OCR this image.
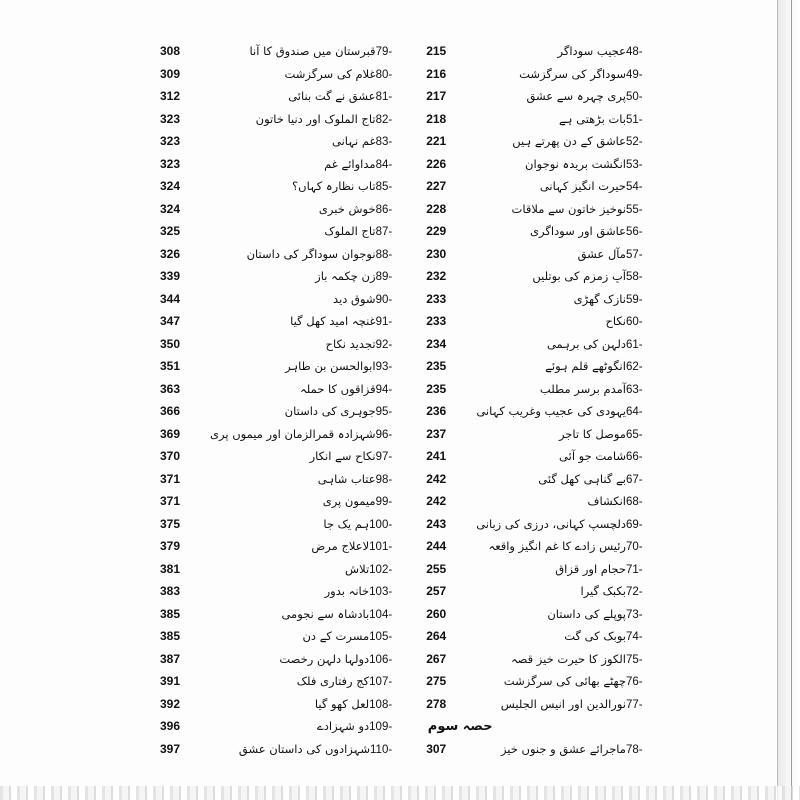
308	79-قبرستان میں صندوق کا آنا
309	80-غلام کی سرگزشت
312	81-عشق نے گت بنائی
323	82-تاج الملوک اور دنیا خاتون
323	83-غم نہانی
323	84-مداوائے غم
324	85-تاب نظارہ کہاں؟
324	86-خوش خبری
325	87-تاج الملوک
326	88-نوجوان سوداگر کی داستان
339	89-زن چکمہ باز
344	90-شوق دید
347	91-غنچہ امید کھل گیا
350	92-تجدید نکاح
351	93-ابوالحسن بن طاہر
363	94-قزاقوں کا حملہ
366	95-جوہری کی داستان
369	96-شہزادہ قمرالزمان اور میموں پری
370	97-نکاح سے انکار
371	98-عتاب شاہی
371	99-میمون پری
375	100-ہم یک جا
379	101-لاعلاج مرض
381	102-تلاش
383	103-خانہ بدور
385	104-بادشاہ سے نجومی
385	105-مسرت کے دن
387	106-دولہا دلہن رخصت
391	107-کج رفتاری فلک
392	108-لعل کھو گیا
396	109-دو شہزادے
397	110-شہزادوں کی داستان عشق
215	48-عجیب سوداگر
216	49-سوداگر کی سرگزشت
217	50-پری چہرہ سے عشق
218	51-بات بڑھتی ہے
221	52-عاشق کے دن پھرتے ہیں
226	53-انگشت بریدہ نوجوان
227	54-حیرت انگیز کہانی
228	55-نوخیز خاتون سے ملاقات
229	56-عاشق اور سوداگری
230	57-مآل عشق
232	58-آبِ زمزم کی بوتلیں
233	59-نازک گھڑی
233	60-نکاح
234	61-دلہن کی برہمی
235	62-انگوٹھے قلم ہوئے
235	63-آمدم برسر مطلب
236	64-یہودی کی عجیب وغریب کہانی
237	65-موصل کا تاجر
241	66-شامت جو آئی
242	67-بے گناہی کھل گئی
242	68-انکشاف
243	69-دلچسپ کہانی، درزی کی زبانی
244	70-رئیس زادے کا غم انگیز واقعہ
255	71-حجام اور قزاق
257	72-بکبک گیرا
260	73-پوپلے کی داستان
264	74-بوبک کی گت
267	75-الکوز کا حیرت خیز قصہ
275	76-چھٹے بھائی کی سرگزشت
278	77-نورالدین اور انیس الجلیس
حصہ سوم
307	78-ماجرائے عشق و جنوں خیز
